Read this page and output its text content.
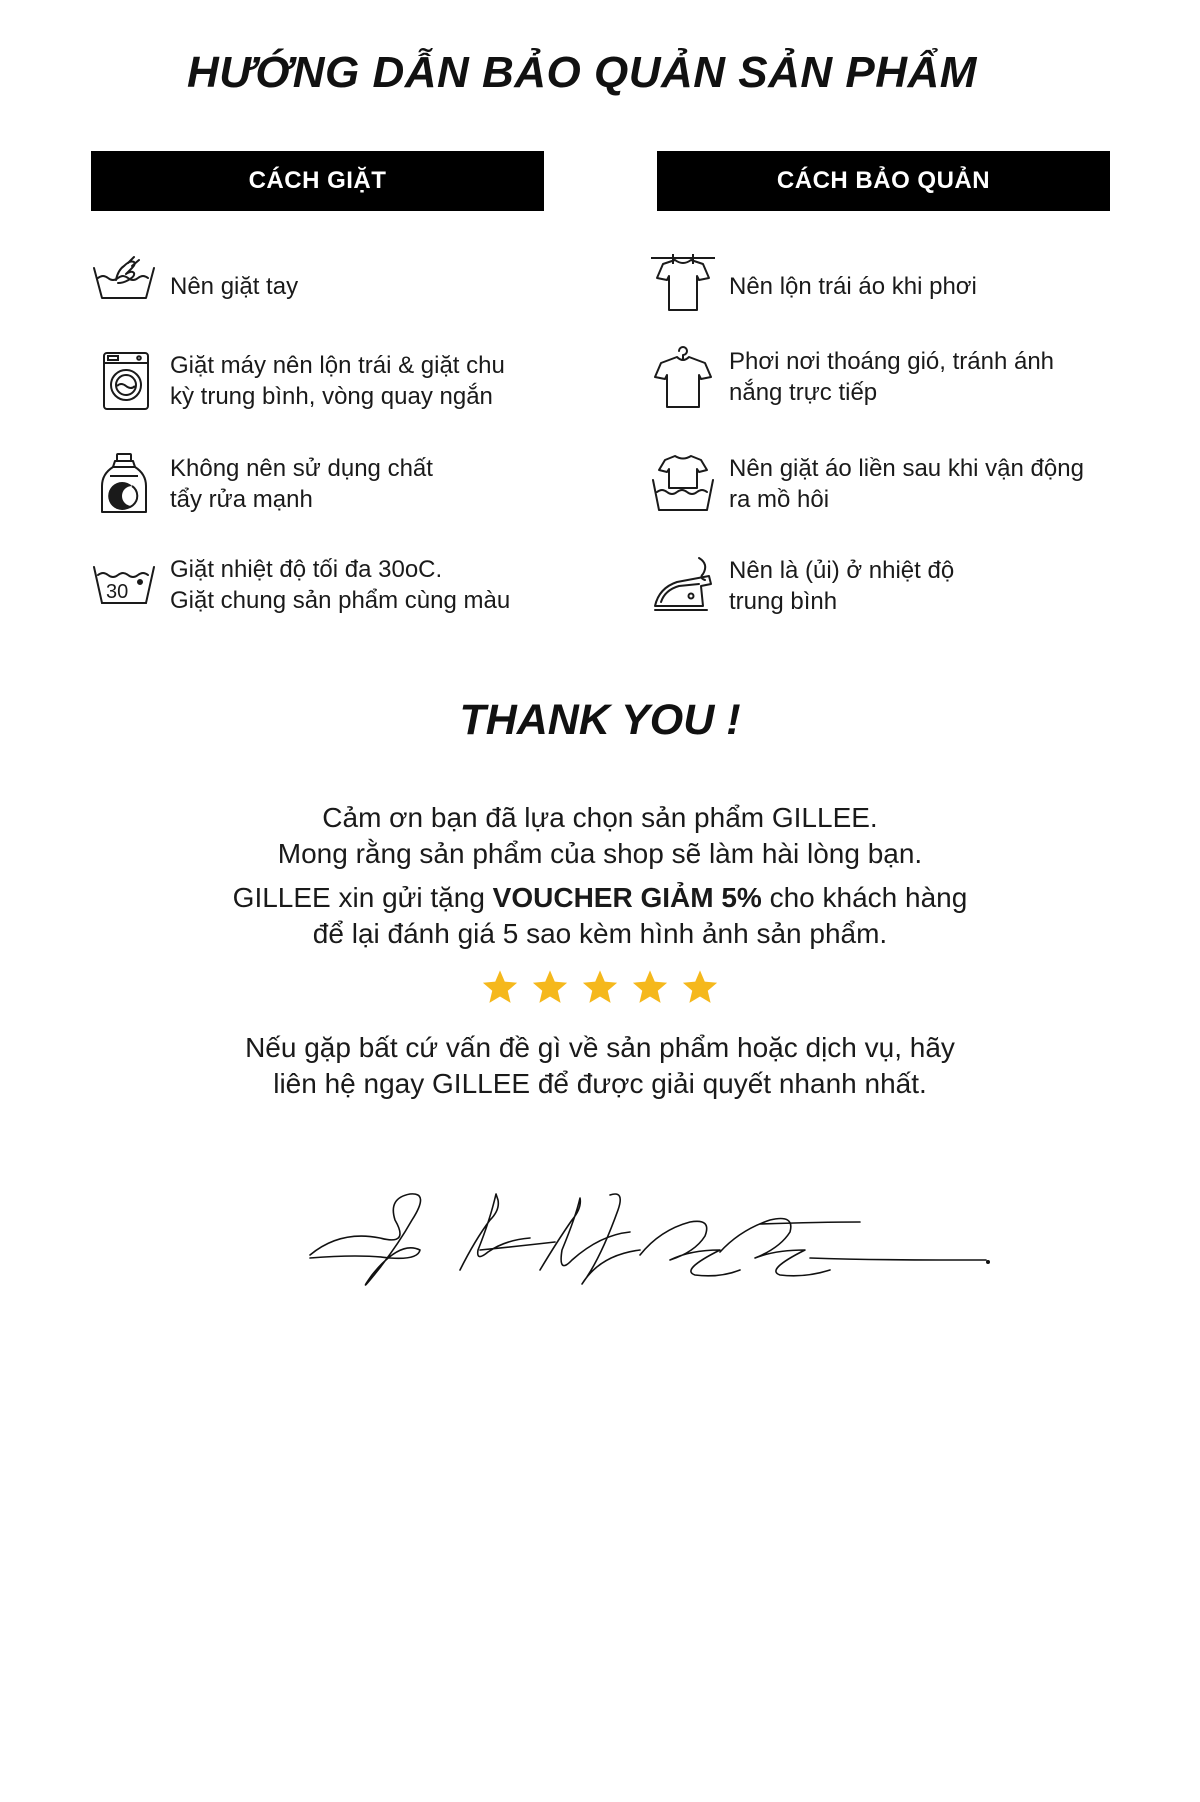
HƯỚNG DẪN BẢO QUẢN SẢN PHẨM
CÁCH GIẶT	CÁCH BẢO QUẢN
Nên giặt tay
Giặt máy nên lộn trái & giặt chu
kỳ trung bình, vòng quay ngắn
Không nên sử dụng chất
tẩy rửa mạnh
30
Giặt nhiệt độ tối đa 30oC.
Giặt chung sản phẩm cùng màu
Nên lộn trái áo khi phơi
Phơi nơi thoáng gió, tránh ánh
nắng trực tiếp
Nên giặt áo liền sau khi vận động
ra mồ hôi
Nên là (ủi) ở nhiệt độ
trung bình
THANK YOU !
Cảm ơn bạn đã lựa chọn sản phẩm GILLEE.
Mong rằng sản phẩm của shop sẽ làm hài lòng bạn.
GILLEE xin gửi tặng VOUCHER GIẢM 5% cho khách hàng
để lại đánh giá 5 sao kèm hình ảnh sản phẩm.
Nếu gặp bất cứ vấn đề gì về sản phẩm hoặc dịch vụ, hãy
liên hệ ngay GILLEE để được giải quyết nhanh nhất.
